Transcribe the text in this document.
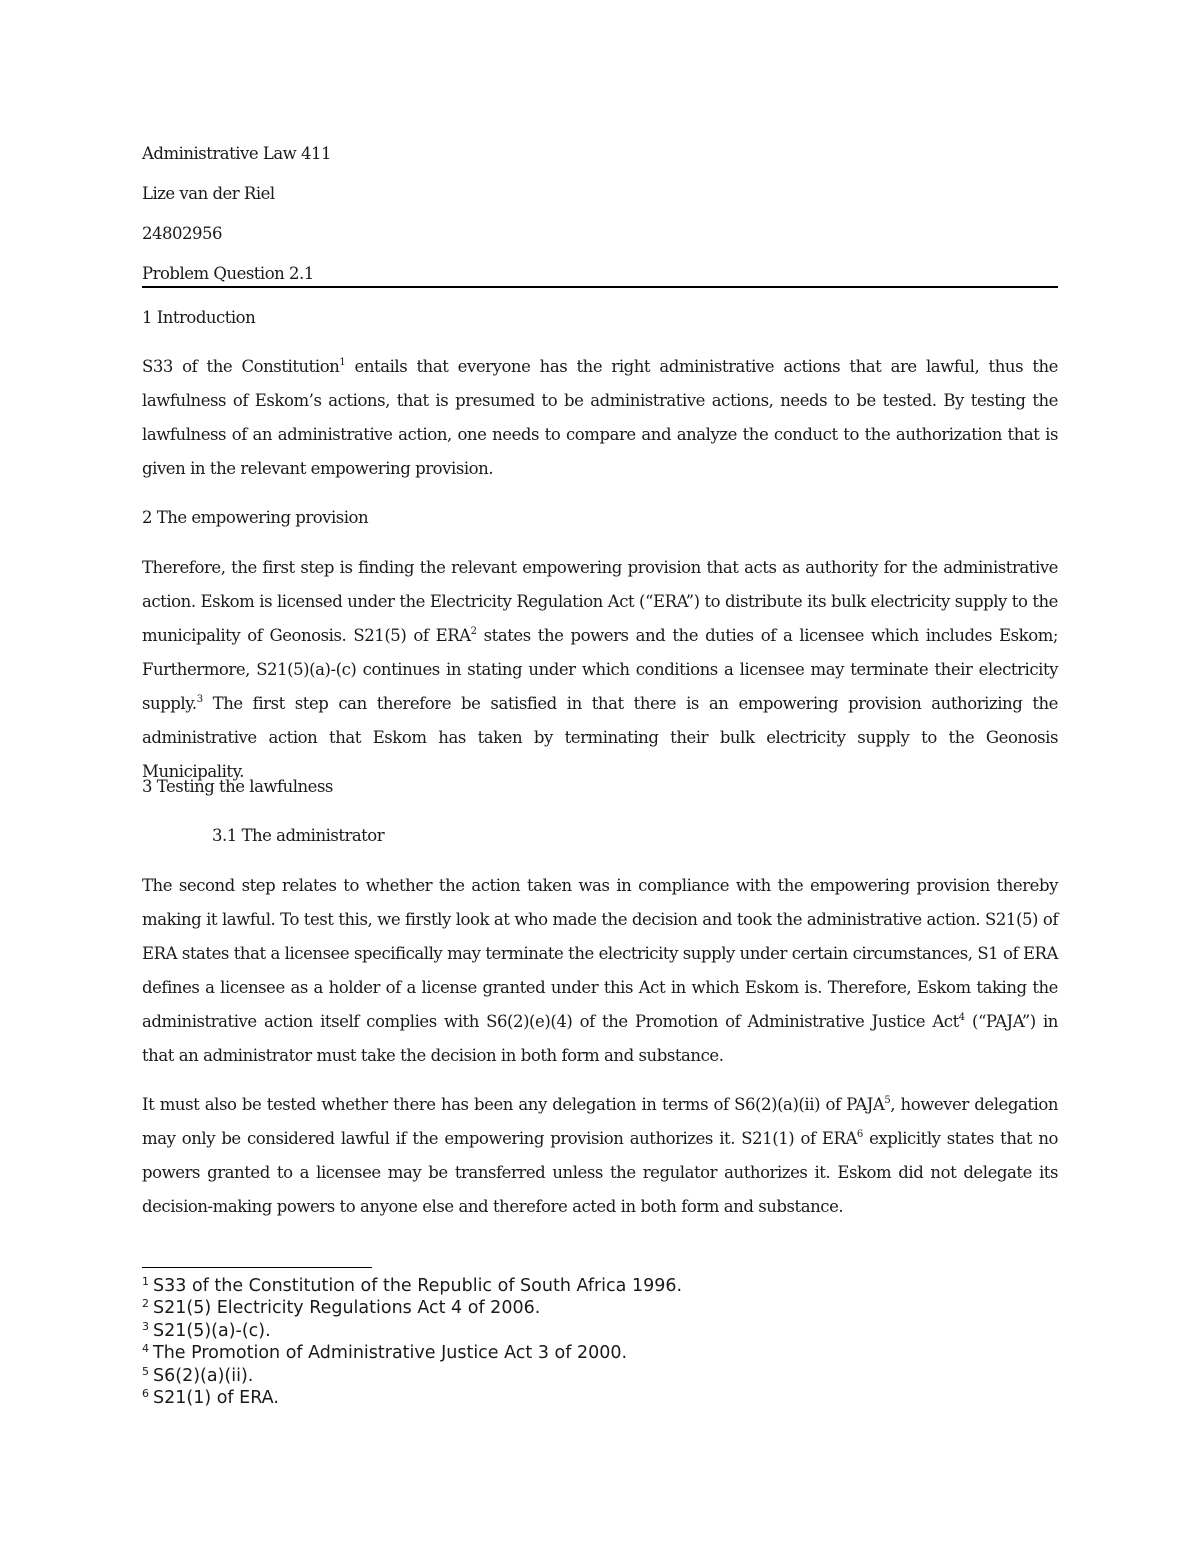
Administrative Law 411
Lize van der Riel
24802956
Problem Question 2.1
1 Introduction
S33 of the Constitution$^1$ entails that everyone has the right administrative actions that are lawful, thus the lawfulness of Eskom’s actions, that is presumed to be administrative actions, needs to be tested. By testing the lawfulness of an administrative action, one needs to compare and analyze the conduct to the authorization that is given in the relevant empowering provision.
2 The empowering provision
Therefore, the first step is finding the relevant empowering provision that acts as authority for the administrative action. Eskom is licensed under the Electricity Regulation Act (“ERA”) to distribute its bulk electricity supply to the municipality of Geonosis. S21(5) of ERA$^2$ states the powers and the duties of a licensee which includes Eskom; Furthermore, S21(5)(a)-(c) continues in stating under which conditions a licensee may terminate their electricity supply.$^3$ The first step can therefore be satisfied in that there is an empowering provision authorizing the administrative action that Eskom has taken by terminating their bulk electricity supply to the Geonosis Municipality.
3 Testing the lawfulness
3.1 The administrator
The second step relates to whether the action taken was in compliance with the empowering provision thereby making it lawful. To test this, we firstly look at who made the decision and took the administrative action. S21(5) of ERA states that a licensee specifically may terminate the electricity supply under certain circumstances, S1 of ERA defines a licensee as a holder of a license granted under this Act in which Eskom is. Therefore, Eskom taking the administrative action itself complies with S6(2)(e)(4) of the Promotion of Administrative Justice Act$^4$ (“PAJA”) in that an administrator must take the decision in both form and substance.
It must also be tested whether there has been any delegation in terms of S6(2)(a)(ii) of PAJA$^5$, however delegation may only be considered lawful if the empowering provision authorizes it. S21(1) of ERA$^6$ explicitly states that no powers granted to a licensee may be transferred unless the regulator authorizes it. Eskom did not delegate its decision-making powers to anyone else and therefore acted in both form and substance.
$^1$ S33 of the Constitution of the Republic of South Africa 1996.
$^2$ S21(5) Electricity Regulations Act 4 of 2006.
$^3$ S21(5)(a)-(c).
$^4$ The Promotion of Administrative Justice Act 3 of 2000.
$^5$ S6(2)(a)(ii).
$^6$ S21(1) of ERA.
